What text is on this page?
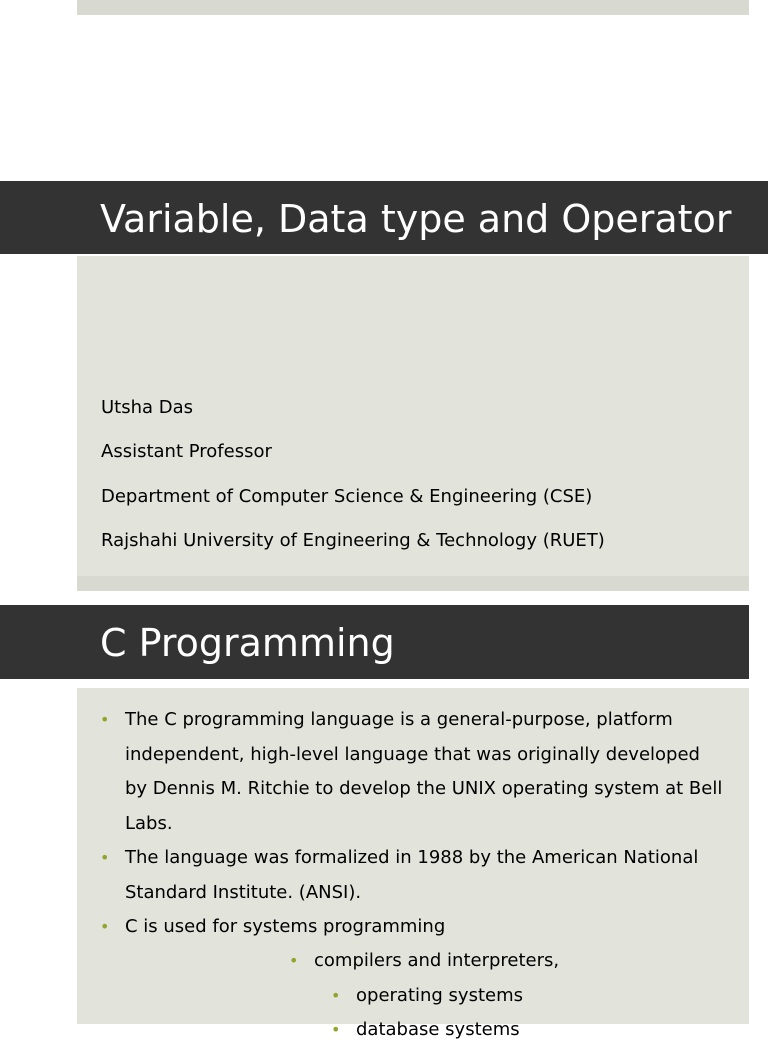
Variable, Data type and Operator
Utsha Das
Assistant Professor
Department of Computer Science & Engineering (CSE)
Rajshahi University of Engineering & Technology (RUET)
C Programming
• The C programming language is a general-purpose, platform independent, high-level language that was originally developed by Dennis M. Ritchie to develop the UNIX operating system at Bell Labs.
• The language was formalized in 1988 by the American National Standard Institute. (ANSI).
• C is used for systems programming
• compilers and interpreters,
• operating systems
• database systems
